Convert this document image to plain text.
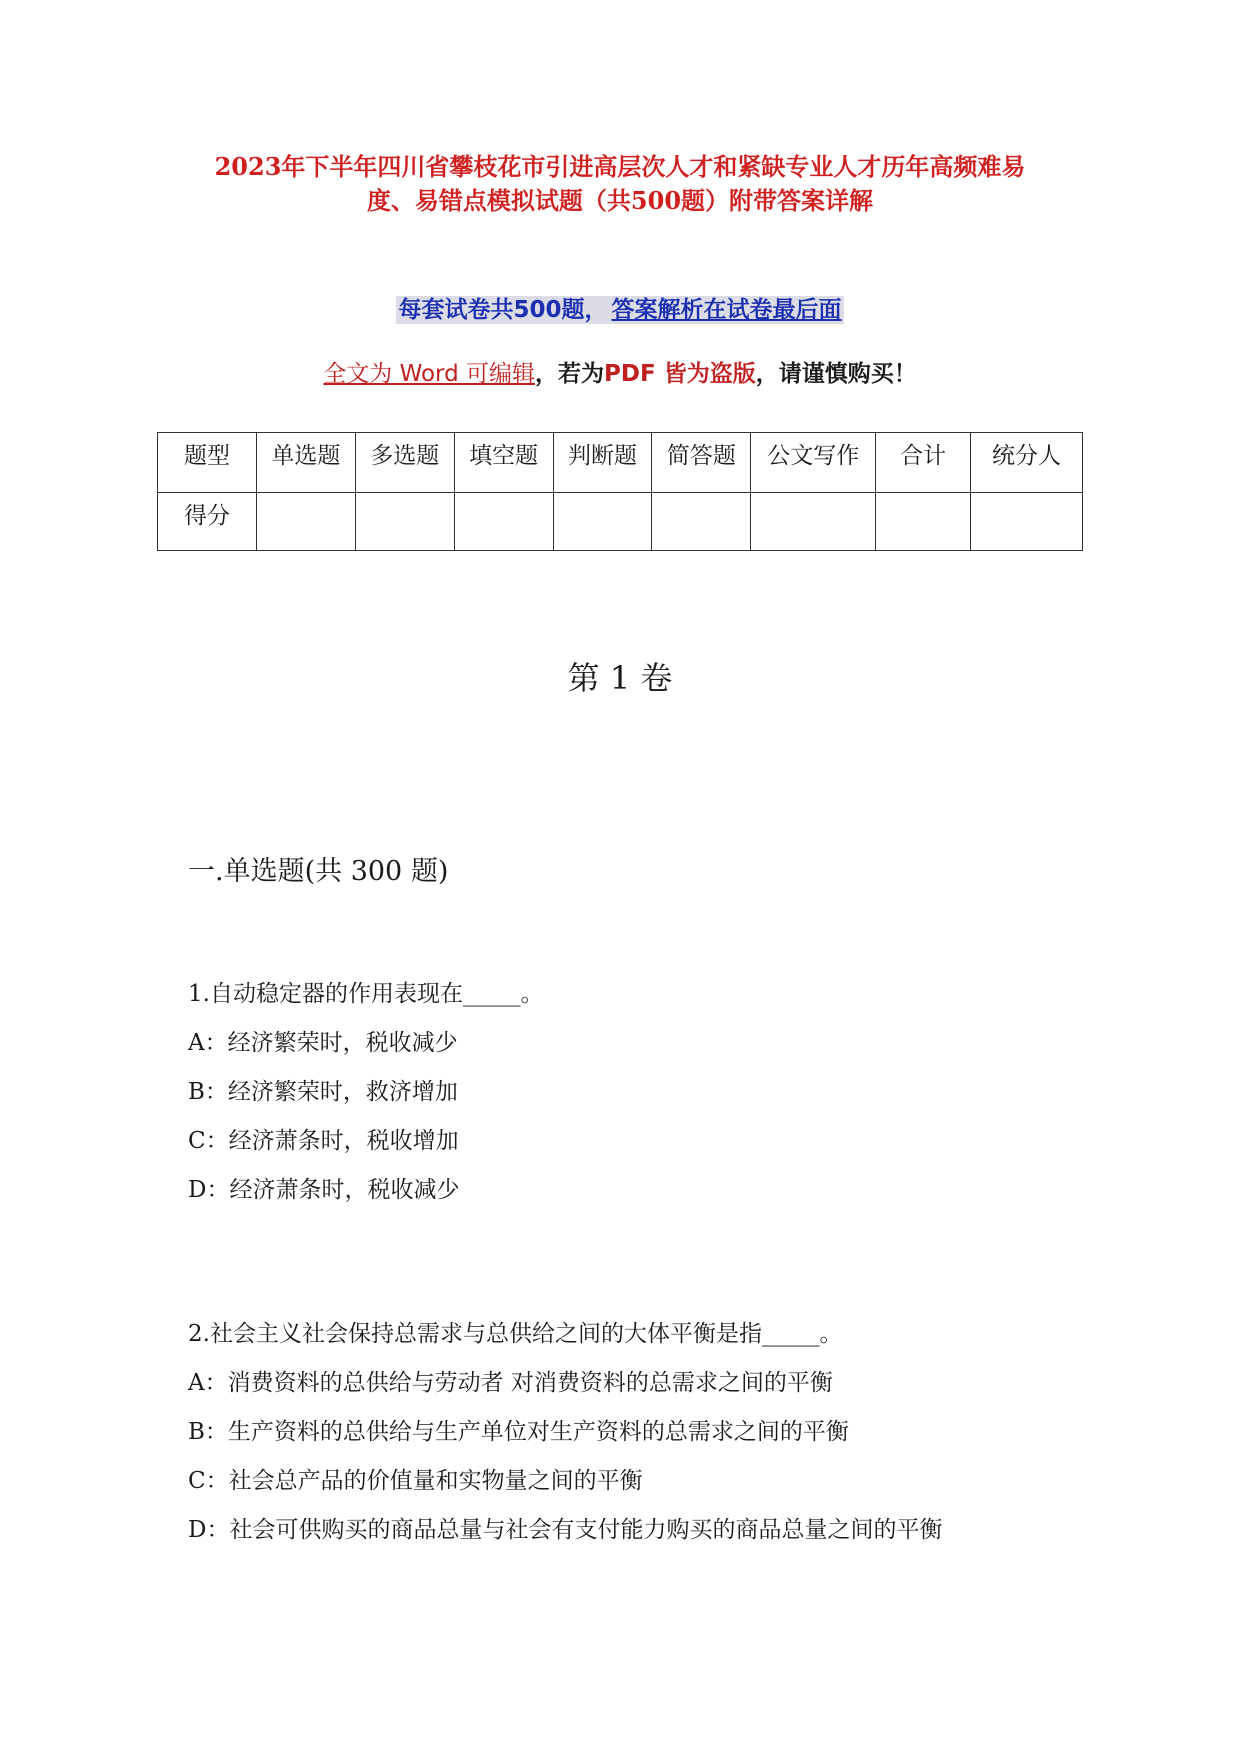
2023年下半年四川省攀枝花市引进高层次人才和紧缺专业人才历年高频难易
度、易错点模拟试题（共500题）附带答案详解
每套试卷共500题， 答案解析在试卷最后面
全文为 Word 可编辑，若为PDF 皆为盗版，请谨慎购买！
题型	单选题	多选题	填空题	判断题	简答题	公文写作	合计	统分人
得分								
第 1 卷
一.单选题(共 300 题)
1.自动稳定器的作用表现在_____。
A：经济繁荣时，税收减少
B：经济繁荣时，救济增加
C：经济萧条时，税收增加
D：经济萧条时，税收减少
2.社会主义社会保持总需求与总供给之间的大体平衡是指_____。
A：消费资料的总供给与劳动者 对消费资料的总需求之间的平衡
B：生产资料的总供给与生产单位对生产资料的总需求之间的平衡
C：社会总产品的价值量和实物量之间的平衡
D：社会可供购买的商品总量与社会有支付能力购买的商品总量之间的平衡
